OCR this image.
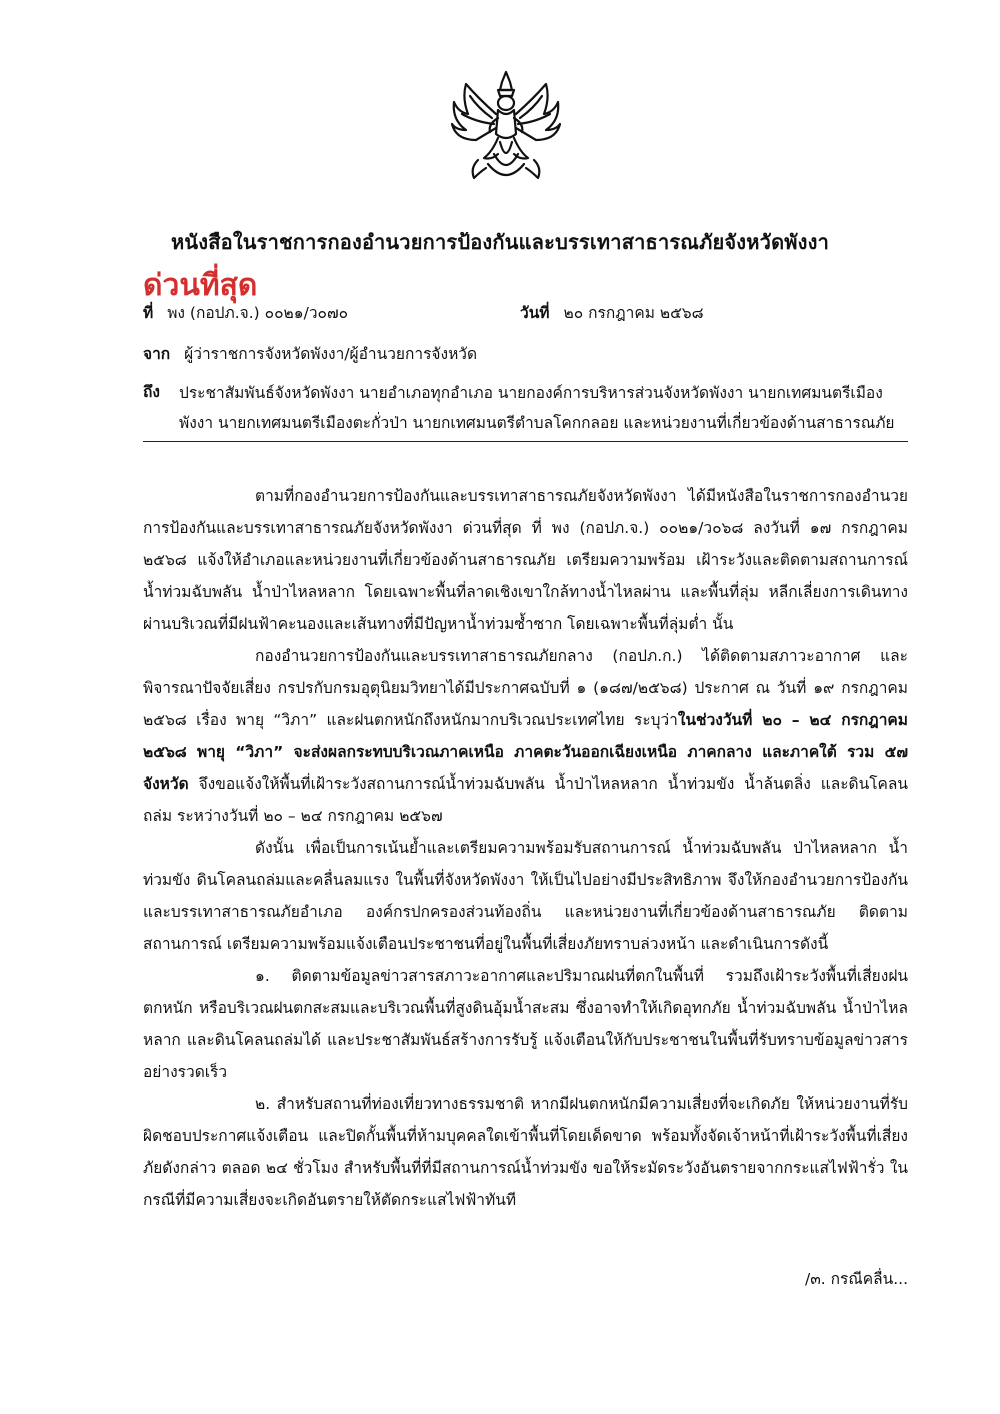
หนังสือในราชการกองอำนวยการป้องกันและบรรเทาสาธารณภัยจังหวัดพังงา
ด่วนที่สุด
ที่ พง (กอปภ.จ.) ๐๐๒๑/ว๐๗๐	วันที่ ๒๐ กรกฎาคม ๒๕๖๘
จาก ผู้ว่าราชการจังหวัดพังงา/ผู้อำนวยการจังหวัด
ถึง ประชาสัมพันธ์จังหวัดพังงา นายอำเภอทุกอำเภอ นายกองค์การบริหารส่วนจังหวัดพังงา นายกเทศมนตรีเมืองพังงา นายกเทศมนตรีเมืองตะกั่วป่า นายกเทศมนตรีตำบลโคกกลอย และหน่วยงานที่เกี่ยวข้องด้านสาธารณภัย

ตามที่กองอำนวยการป้องกันและบรรเทาสาธารณภัยจังหวัดพังงา ได้มีหนังสือในราชการกองอำนวยการป้องกันและบรรเทาสาธารณภัยจังหวัดพังงา ด่วนที่สุด ที่ พง (กอปภ.จ.) ๐๐๒๑/ว๐๖๘ ลงวันที่ ๑๗ กรกฎาคม ๒๕๖๘ แจ้งให้อำเภอและหน่วยงานที่เกี่ยวข้องด้านสาธารณภัย เตรียมความพร้อม เฝ้าระวังและติดตามสถานการณ์น้ำท่วมฉับพลัน น้ำป่าไหลหลาก โดยเฉพาะพื้นที่ลาดเชิงเขาใกล้ทางน้ำไหลผ่าน และพื้นที่ลุ่ม หลีกเลี่ยงการเดินทางผ่านบริเวณที่มีฝนฟ้าคะนองและเส้นทางที่มีปัญหาน้ำท่วมซ้ำซาก โดยเฉพาะพื้นที่ลุ่มต่ำ นั้น

กองอำนวยการป้องกันและบรรเทาสาธารณภัยกลาง (กอปภ.ก.) ได้ติดตามสภาวะอากาศ และพิจารณาปัจจัยเสี่ยง กรปรกับกรมอุตุนิยมวิทยาได้มีประกาศฉบับที่ ๑ (๑๘๗/๒๕๖๘) ประกาศ ณ วันที่ ๑๙ กรกฎาคม ๒๕๖๘ เรื่อง พายุ “วิภา” และฝนตกหนักถึงหนักมากบริเวณประเทศไทย ระบุว่าในช่วงวันที่ ๒๐ – ๒๔ กรกฎาคม ๒๕๖๘ พายุ “วิภา” จะส่งผลกระทบบริเวณภาคเหนือ ภาคตะวันออกเฉียงเหนือ ภาคกลาง และภาคใต้ รวม ๕๗ จังหวัด จึงขอแจ้งให้พื้นที่เฝ้าระวังสถานการณ์น้ำท่วมฉับพลัน น้ำป่าไหลหลาก น้ำท่วมขัง น้ำล้นตลิ่ง และดินโคลนถล่ม ระหว่างวันที่ ๒๐ – ๒๔ กรกฎาคม ๒๕๖๗

ดังนั้น เพื่อเป็นการเน้นย้ำและเตรียมความพร้อมรับสถานการณ์ น้ำท่วมฉับพลัน ป่าไหลหลาก น้ำท่วมขัง ดินโคลนถล่มและคลื่นลมแรง ในพื้นที่จังหวัดพังงา ให้เป็นไปอย่างมีประสิทธิภาพ จึงให้กองอำนวยการป้องกันและบรรเทาสาธารณภัยอำเภอ องค์กรปกครองส่วนท้องถิ่น และหน่วยงานที่เกี่ยวข้องด้านสาธารณภัย ติดตามสถานการณ์ เตรียมความพร้อมแจ้งเตือนประชาชนที่อยู่ในพื้นที่เสี่ยงภัยทราบล่วงหน้า และดำเนินการดังนี้

๑. ติดตามข้อมูลข่าวสารสภาวะอากาศและปริมาณฝนที่ตกในพื้นที่ รวมถึงเฝ้าระวังพื้นที่เสี่ยงฝนตกหนัก หรือบริเวณฝนตกสะสมและบริเวณพื้นที่สูงดินอุ้มน้ำสะสม ซึ่งอาจทำให้เกิดอุทกภัย น้ำท่วมฉับพลัน น้ำป่าไหลหลาก และดินโคลนถล่มได้ และประชาสัมพันธ์สร้างการรับรู้ แจ้งเตือนให้กับประชาชนในพื้นที่รับทราบข้อมูลข่าวสารอย่างรวดเร็ว

๒. สำหรับสถานที่ท่องเที่ยวทางธรรมชาติ หากมีฝนตกหนักมีความเสี่ยงที่จะเกิดภัย ให้หน่วยงานที่รับผิดชอบประกาศแจ้งเตือน และปิดกั้นพื้นที่ห้ามบุคคลใดเข้าพื้นที่โดยเด็ดขาด พร้อมทั้งจัดเจ้าหน้าที่เฝ้าระวังพื้นที่เสี่ยงภัยดังกล่าว ตลอด ๒๔ ชั่วโมง สำหรับพื้นที่ที่มีสถานการณ์น้ำท่วมขัง ขอให้ระมัดระวังอันตรายจากกระแสไฟฟ้ารั่ว ในกรณีที่มีความเสี่ยงจะเกิดอันตรายให้ตัดกระแสไฟฟ้าทันที

/๓. กรณีคลื่น...
